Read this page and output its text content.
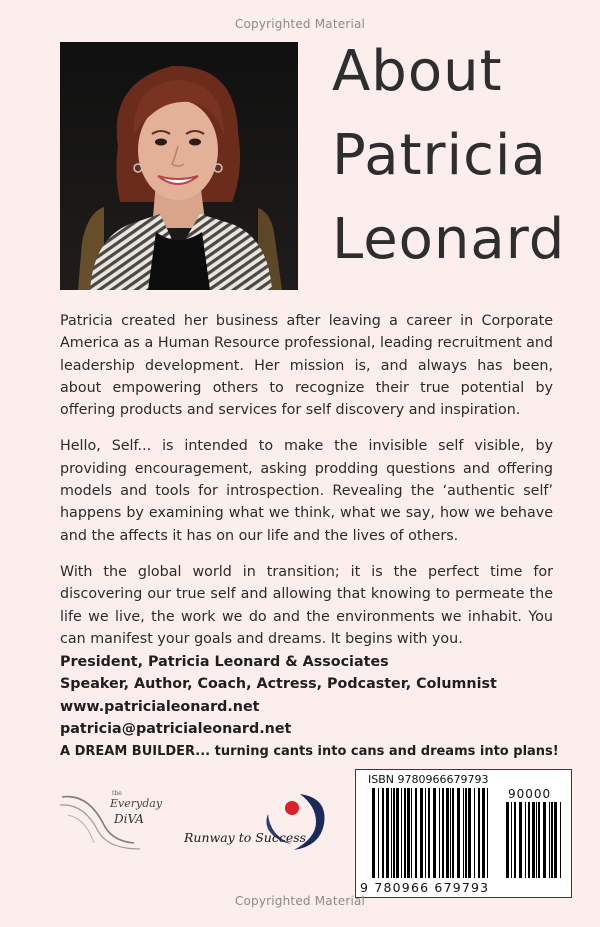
Copyrighted Material
About
Patricia
Leonard

Patricia created her business after leaving a career in Corporate America as a Human Resource professional, leading recruitment and leadership development. Her mission is, and always has been, about empowering others to recognize their true potential by offering products and services for self discovery and inspiration.

Hello, Self... is intended to make the invisible self visible, by providing encouragement, asking prodding questions and offering models and tools for introspection. Revealing the ‘authentic self’ happens by examining what we think, what we say, how we behave and the affects it has on our life and the lives of others.

With the global world in transition; it is the perfect time for discovering our true self and allowing that knowing to permeate the life we live, the work we do and the environments we inhabit. You can manifest your goals and dreams. It begins with you.

President, Patricia Leonard & Associates
Speaker, Author, Coach, Actress, Podcaster, Columnist
www.patricialeonard.net
patricia@patricialeonard.net
A DREAM BUILDER... turning cants into cans and dreams into plans!
the
Everyday
DiVA
Runway to Success
ISBN 9780966679793
90000
9 780966 679793
Copyrighted Material
